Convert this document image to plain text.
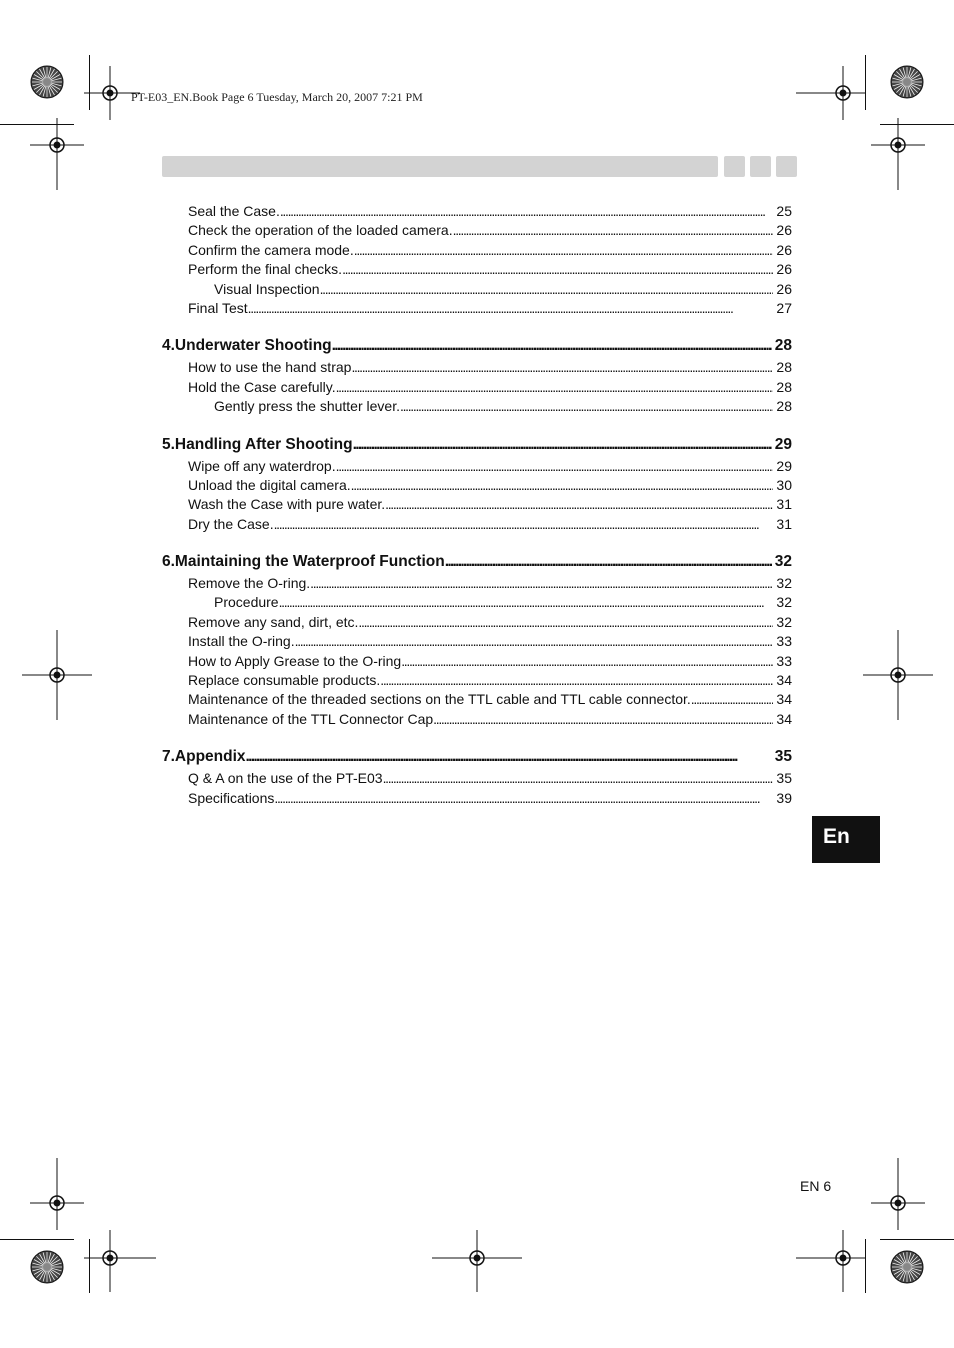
PT-E03_EN.Book Page 6 Tuesday, March 20, 2007 7:21 PM
Seal the Case. . . .	25
Check the operation of the loaded camera. . . .	26
Confirm the camera mode. . . .	26
Perform the final checks. . . .	26
Visual Inspection . . .	26
Final Test . . .	27
4.Underwater Shooting . . .	28
How to use the hand strap . . .	28
Hold the Case carefully. . . .	28
Gently press the shutter lever. . . .	28
5.Handling After Shooting . . .	29
Wipe off any waterdrop. . . .	29
Unload the digital camera. . . .	30
Wash the Case with pure water. . . .	31
Dry the Case. . . .	31
6.Maintaining the Waterproof Function . . .	32
Remove the O-ring. . . .	32
Procedure . . .	32
Remove any sand, dirt, etc. . . .	32
Install the O-ring. . . .	33
How to Apply Grease to the O-ring . . .	33
Replace consumable products. . . .	34
Maintenance of the threaded sections on the TTL cable and TTL cable connector. . . .	34
Maintenance of the TTL Connector Cap . . .	34
7.Appendix . . .	35
Q & A on the use of the PT-E03 . . .	35
Specifications . . .	39
En
EN 6
